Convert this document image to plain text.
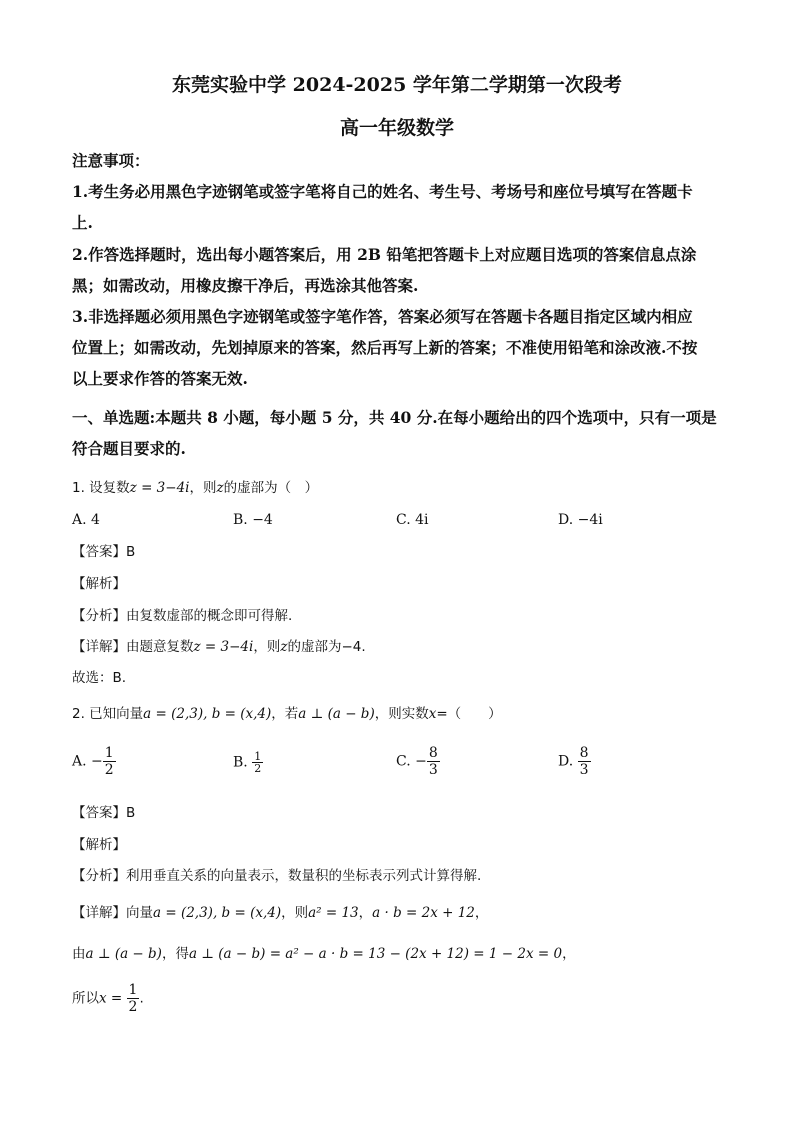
东莞实验中学 2024-2025 学年第二学期第一次段考
高一年级数学
注意事项：
1.考生务必用黑色字迹钢笔或签字笔将自己的姓名、考生号、考场号和座位号填写在答题卡
上.
2.作答选择题时，选出每小题答案后，用 2B 铅笔把答题卡上对应题目选项的答案信息点涂
黑；如需改动，用橡皮擦干净后，再选涂其他答案.
3.非选择题必须用黑色字迹钢笔或签字笔作答，答案必须写在答题卡各题目指定区域内相应
位置上；如需改动，先划掉原来的答案，然后再写上新的答案；不准使用铅笔和涂改液.不按
以上要求作答的答案无效.
一、单选题:本题共 8 小题，每小题 5 分，共 40 分.在每小题给出的四个选项中，只有一项是
符合题目要求的.
1. 设复数z = 3−4i，则z的虚部为（　）
A. 4	B. −4	C. 4i	D. −4i
【答案】B
【解析】
【分析】由复数虚部的概念即可得解.
【详解】由题意复数z = 3−4i，则z的虚部为−4.
故选：B.
2. 已知向量a = (2,3), b = (x,4)，若a ⊥ (a − b)，则实数x=（　　）
A. − $\frac{1}{2}$	B. $\frac{1}{2}$	C. − $\frac{8}{3}$	D. $\frac{8}{3}$
【答案】B
【解析】
【分析】利用垂直关系的向量表示，数量积的坐标表示列式计算得解.
【详解】向量a = (2,3), b = (x,4)，则a² = 13，a · b = 2x + 12，
由a ⊥ (a − b)，得a ⊥ (a − b) = a² − a · b = 13 − (2x + 12) = 1 − 2x = 0，
所以$x = \frac{1}{2}$ .
